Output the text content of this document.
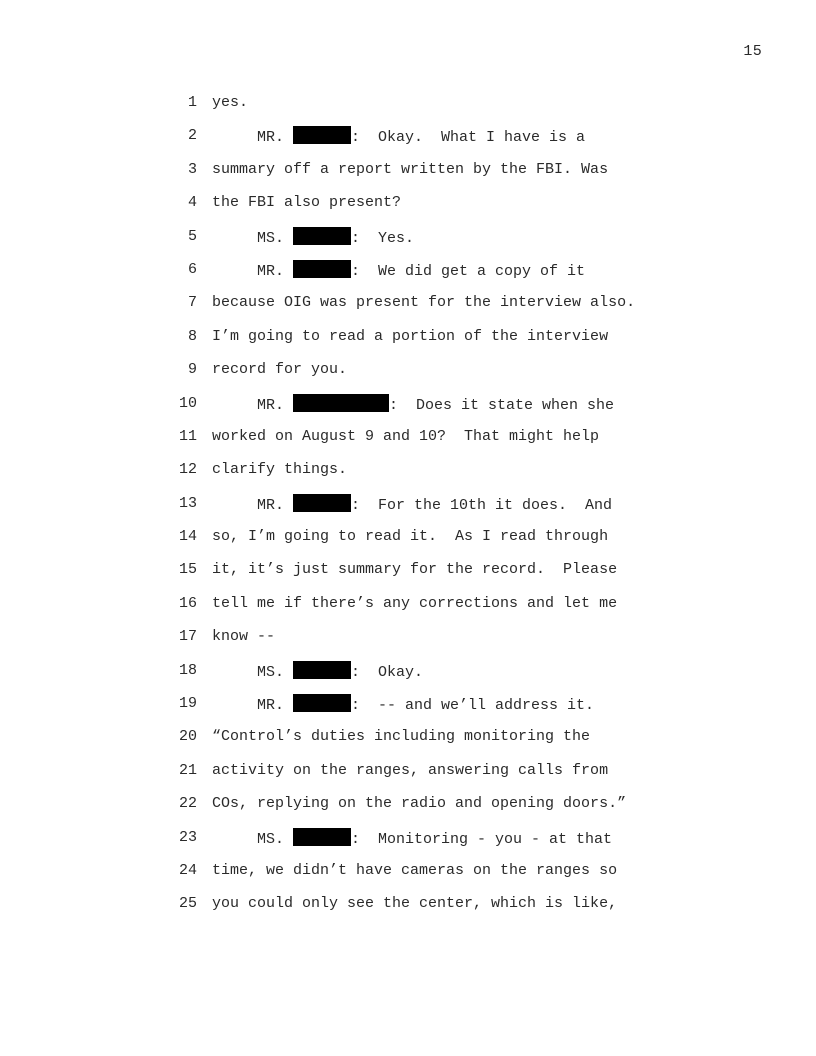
15
1 yes.
2 MR.	:  Okay.  What I have is a
3 summary off a report written by the FBI. Was
4 the FBI also present?
5 MS.	:  Yes.
6 MR.	:  We did get a copy of it
7 because OIG was present for the interview also.
8 I’m going to read a portion of the interview
9 record for you.
10 MR.	:  Does it state when she
11 worked on August 9 and 10?  That might help
12 clarify things.
13 MR.	:  For the 10th it does.  And
14 so, I’m going to read it.  As I read through
15 it, it’s just summary for the record.  Please
16 tell me if there’s any corrections and let me
17 know --
18 MS.	:  Okay.
19 MR.	:  -- and we’ll address it.
20 “Control’s duties including monitoring the
21 activity on the ranges, answering calls from
22 COs, replying on the radio and opening doors.”
23 MS.	:  Monitoring - you - at that
24 time, we didn’t have cameras on the ranges so
25 you could only see the center, which is like,
